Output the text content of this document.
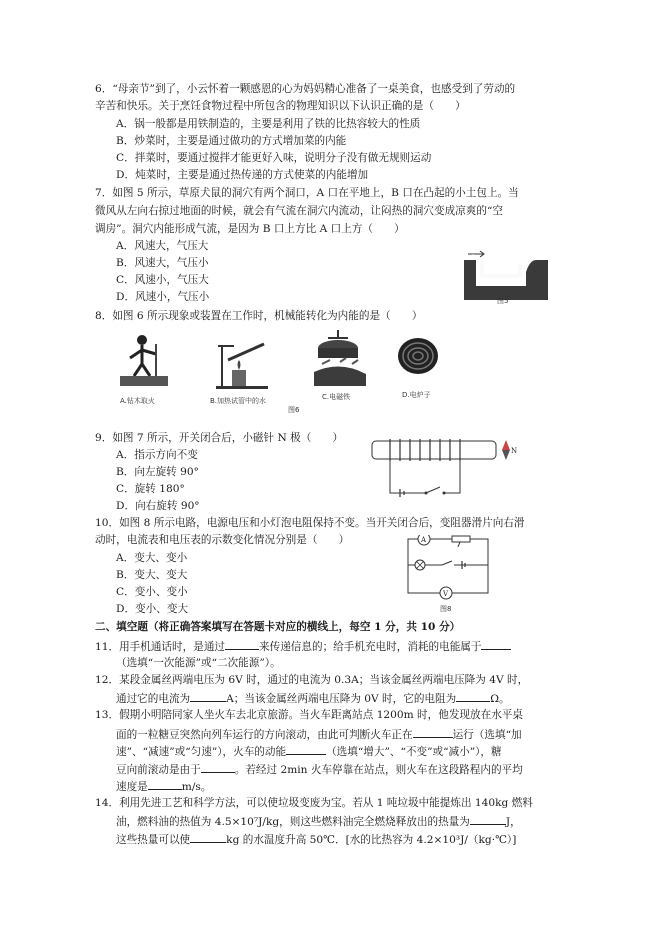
6．“母亲节”到了，小云怀着一颗感恩的心为妈妈精心准备了一桌美食，也感受到了劳动的
辛苦和快乐。关于烹饪食物过程中所包含的物理知识以下认识正确的是（　　）
A．锅一般都是用铁制造的，主要是利用了铁的比热容较大的性质
B．炒菜时，主要是通过做功的方式增加菜的内能
C．拌菜时，要通过搅拌才能更好入味，说明分子没有做无规则运动
D．炖菜时，主要是通过热传递的方式使菜的内能增加
7．如图 5 所示，草原犬鼠的洞穴有两个洞口，A 口在平地上，B 口在凸起的小土包上。当
微风从左向右掠过地面的时候，就会有气流在洞穴内流动，让闷热的洞穴变成凉爽的“空
调房”。洞穴内能形成气流，是因为 B 口上方比 A 口上方（　　）
A．风速大，气压大
B．风速大，气压小
C．风速小，气压大
D．风速小，气压小
A
B
图5
8．如图 6 所示现象或装置在工作时，机械能转化为内能的是（　　）
A.钻木取火	B.加热试管中的水	C.电磁铁	D.电炉子
图6
9．如图 7 所示，开关闭合后，小磁针 N 极（　　）
A．指示方向不变
B．向左旋转 90°
C．旋转 180°
D．向右旋转 90°
N
10．如图 8 所示电路，电源电压和小灯泡电阻保持不变。当开关闭合后，变阻器滑片向右滑
动时，电流表和电压表的示数变化情况分别是（　　）
A．变大、变小
B．变大、变大
C．变小、变小
D．变小、变大
A
V
图8
二、填空题（将正确答案填写在答题卡对应的横线上，每空 1 分，共 10 分）
11．用手机通话时，是通过	来传递信息的；给手机充电时，消耗的电能属于
（选填“一次能源”或“二次能源”）。
12．某段金属丝两端电压为 6V 时，通过的电流为 0.3A；当该金属丝两端电压降为 4V 时，
通过它的电流为	A；当该金属丝两端电压降为 0V 时，它的电阻为	Ω。
13．假期小明陪同家人坐火车去北京旅游。当火车距离站点 1200m 时，他发现放在水平桌
面的一粒糖豆突然向列车运行的方向滚动，由此可判断火车正在	运行（选填“加
速”、“减速”或“匀速”），火车的动能	（选填“增大”、“不变”或“减小”），糖
豆向前滚动是由于	。若经过 2min 火车停靠在站点，则火车在这段路程内的平均
速度是	m/s。
14．利用先进工艺和科学方法，可以使垃圾变废为宝。若从 1 吨垃圾中能提炼出 140kg 燃料
油，燃料油的热值为 4.5×10⁷J/kg，则这些燃料油完全燃烧释放出的热量为	J，
这些热量可以使	kg 的水温度升高 50℃．[水的比热容为 4.2×10³J/（kg·℃）]
